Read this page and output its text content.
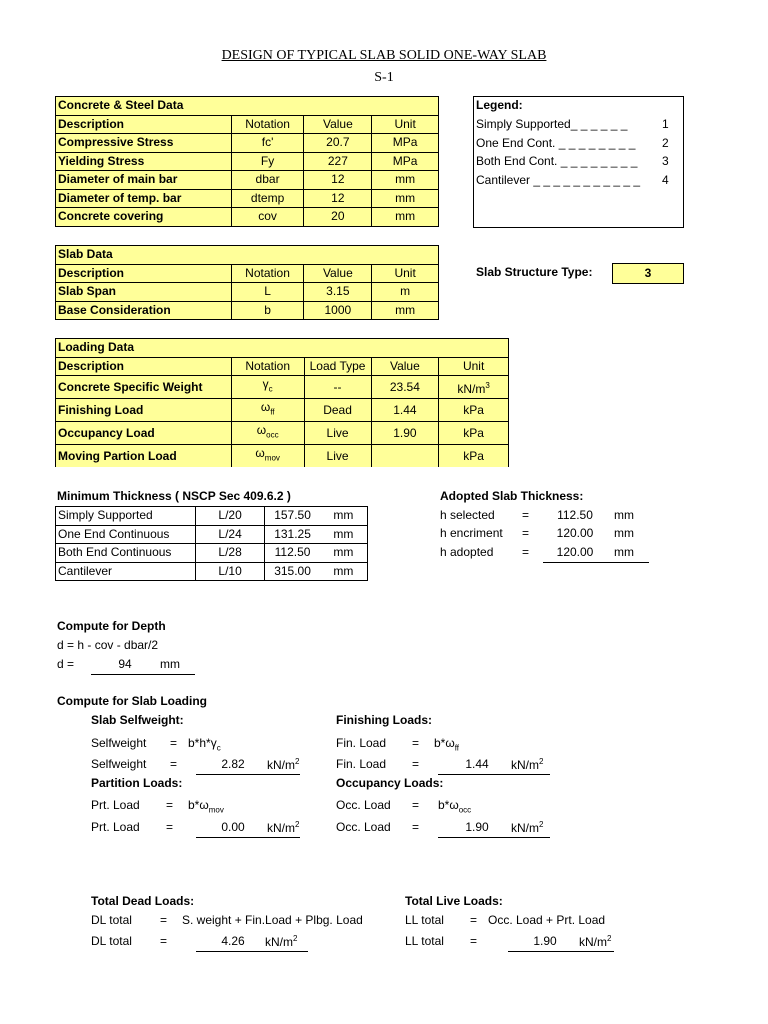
DESIGN OF TYPICAL SLAB SOLID ONE-WAY SLAB
S-1
Concrete & Steel Data			
Description	Notation	Value	Unit
Compressive Stress	fc'	20.7	MPa
Yielding Stress	Fy	227	MPa
Diameter of main bar	dbar	12	mm
Diameter of temp. bar	dtemp	12	mm
Concrete covering	cov	20	mm
Legend:
Simply Supported_ _ _ _ _ _	1
One End Cont. _ _ _ _ _ _ _ _ 2
Both End Cont. _ _ _ _ _ _ _ _ 3
Cantilever _ _ _ _ _ _ _ _ _ _ _ 4
Slab Data			
Description	Notation	Value	Unit
Slab Span	L	3.15	m
Base Consideration	b	1000	mm
Slab Structure Type:	3
Loading Data				
Description	Notation	Load Type	Value	Unit
Concrete Specific Weight	$\gamma_c$	--	23.54	$kN/m^3$
Finishing Load	$\omega_{ff}$	Dead	1.44	kPa
Occupancy Load	$\omega_{occ}$	Live	1.90	kPa
Moving Partion Load	$\omega_{mov}$	Live		kPa
Minimum Thickness ( NSCP Sec 409.6.2 )
Simply Supported	L/20	157.50	mm
One End Continuous	L/24	131.25	mm
Both End Continuous	L/28	112.50	mm
Cantilever	L/10	315.00	mm
Adopted Slab Thickness:
h selected =	112.50	mm
h encriment =	120.00	mm
h adopted =	120.00	mm
Compute for Depth
d = h - cov - dbar/2
d =	94	mm
Compute for Slab Loading
Slab Selfweight:
Selfweight = $b*h*\gamma_c$
Selfweight =	2.82	$kN/m^2$
Finishing Loads:
Fin. Load = $b*\omega_{ff}$
Fin. Load =	1.44	$kN/m^2$
Partition Loads:
Prt. Load = $b*\omega_{mov}$
Prt. Load =	0.00	$kN/m^2$
Occupancy Loads:
Occ. Load = $b*\omega_{occ}$
Occ. Load =	1.90	$kN/m^2$
Total Dead Loads:
DL total = S. weight + Fin.Load + Plbg. Load
DL total =	4.26	$kN/m^2$
Total Live Loads:
LL total = Occ. Load + Prt. Load
LL total =	1.90	$kN/m^2$
